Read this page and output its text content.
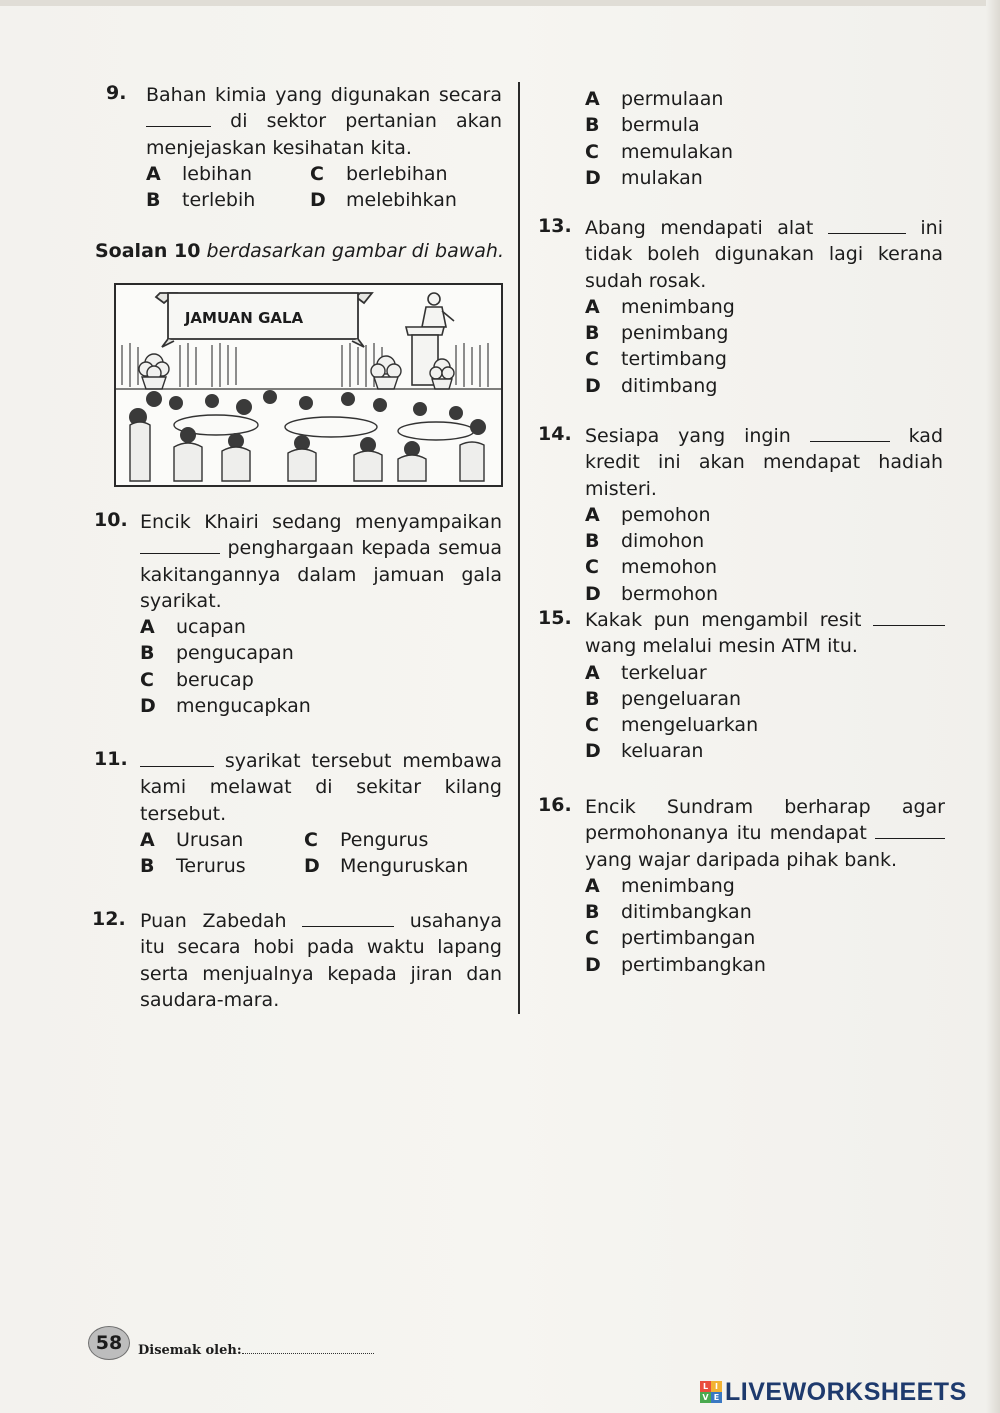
9. Bahan kimia yang digunakan secara  di sektor pertanian akan menjejaskan kesihatan kita.
A lebihan	C berlebihan
B terlebih	D melebihkan
Soalan 10 berdasarkan gambar di bawah.
JAMUAN GALA
10. Encik Khairi sedang menyampaikan  penghargaan kepada semua kakitangannya dalam jamuan gala syarikat.
A ucapan
B pengucapan
C berucap
D mengucapkan
11.	syarikat tersebut membawa kami melawat di sekitar kilang tersebut.
A Urusan	C Pengurus
B Terurus	D Menguruskan
12. Puan Zabedah	usahanya itu secara hobi pada waktu lapang serta menjualnya kepada jiran dan saudara-mara.
A permulaan
B bermula
C memulakan
D mulakan
13. Abang mendapati alat	ini tidak boleh digunakan lagi kerana sudah rosak.
A menimbang
B penimbang
C tertimbang
D ditimbang
14. Sesiapa yang ingin	kad kredit ini akan mendapat hadiah misteri.
A pemohon
B dimohon
C memohon
D bermohon
15. Kakak pun mengambil resit  wang melalui mesin ATM itu.
A terkeluar
B pengeluaran
C mengeluarkan
D keluaran
16. Encik Sundram berharap agar permohonanya itu mendapat  yang wajar daripada pihak bank.
A menimbang
B ditimbangkan
C pertimbangan
D pertimbangkan
58	Disemak oleh:
L I
V E LIVEWORKSHEETS
